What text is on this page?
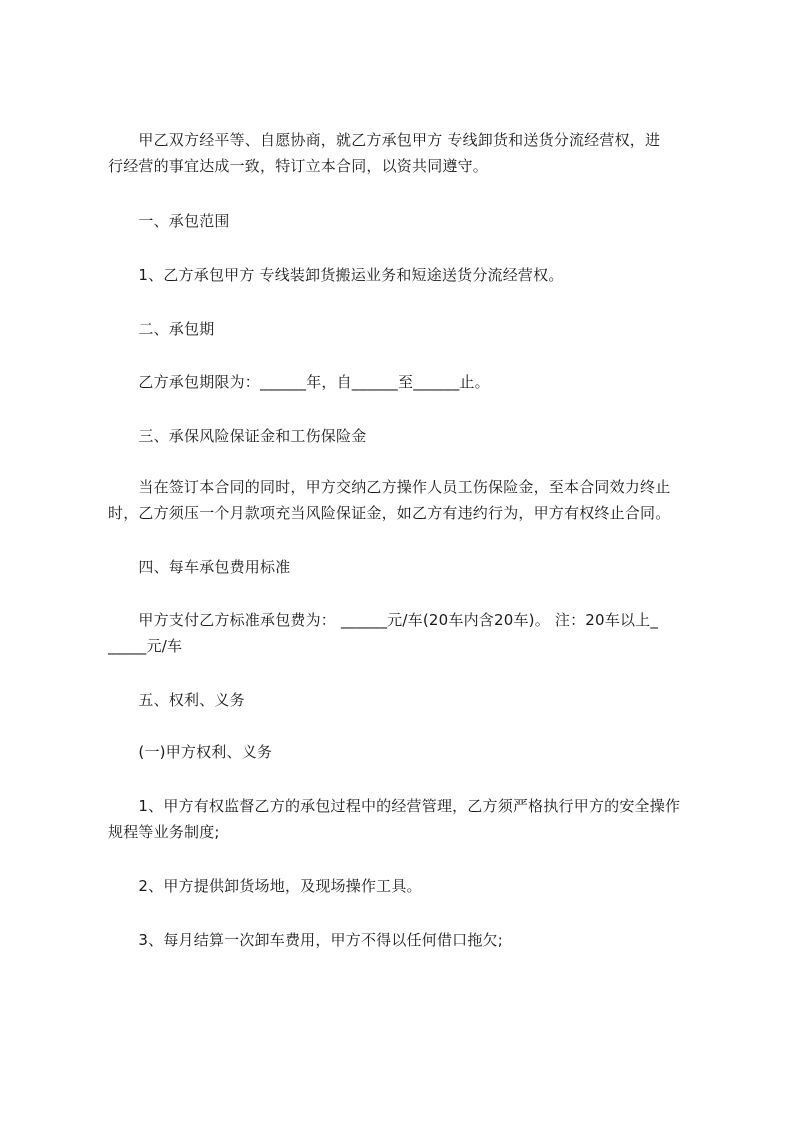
　　甲乙双方经平等、自愿协商，就乙方承包甲方 专线卸货和送货分流经营权，进
行经营的事宜达成一致，特订立本合同，以资共同遵守。
　　一、承包范围
　　1、乙方承包甲方 专线装卸货搬运业务和短途送货分流经营权。
　　二、承包期
　　乙方承包期限为：______年，自______至______止。
　　三、承保风险保证金和工伤保险金
　　当在签订本合同的同时，甲方交纳乙方操作人员工伤保险金，至本合同效力终止
时，乙方须压一个月款项充当风险保证金，如乙方有违约行为，甲方有权终止合同。
　　四、每车承包费用标准
　　甲方支付乙方标准承包费为： ______元/车(20车内含20车)。 注：20车以上_
_____元/车
　　五、权利、义务
　　(一)甲方权利、义务
　　1、甲方有权监督乙方的承包过程中的经营管理，乙方须严格执行甲方的安全操作
规程等业务制度;
　　2、甲方提供卸货场地，及现场操作工具。
　　3、每月结算一次卸车费用，甲方不得以任何借口拖欠;
